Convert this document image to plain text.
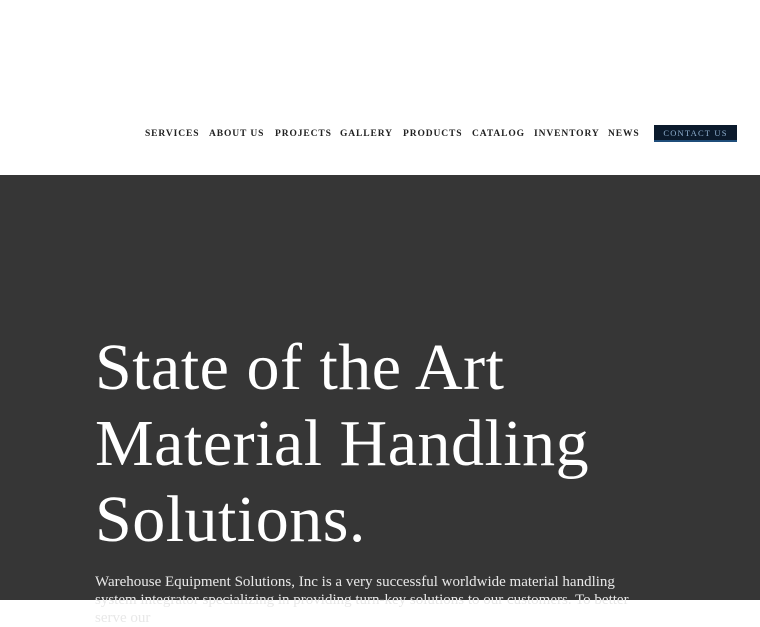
SERVICES ABOUT US PROJECTS GALLERY PRODUCTS CATALOG INVENTORY NEWS	CONTACT US
State of the Art
Material Handling
Solutions.

Warehouse Equipment Solutions, Inc is a very successful worldwide material handling system integrator specializing in providing turn-key solutions to our customers. To better serve our
